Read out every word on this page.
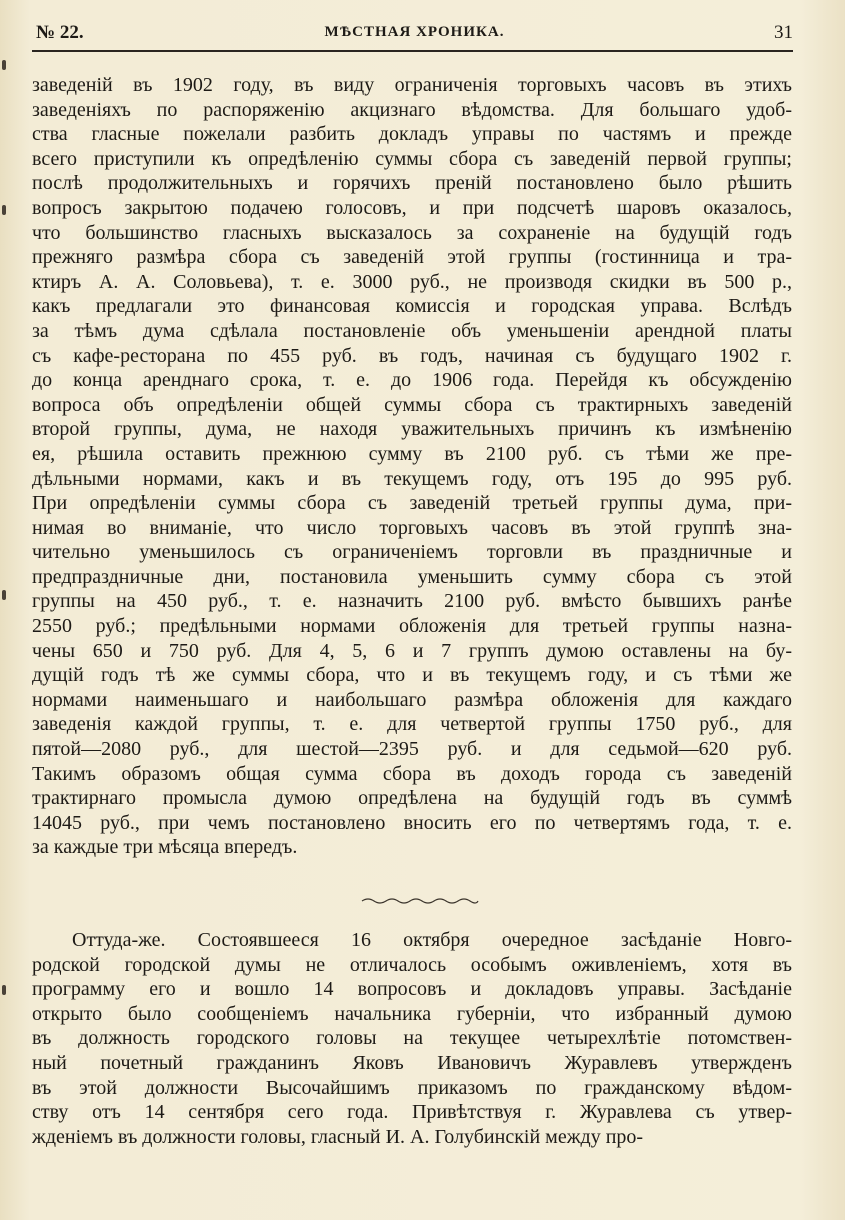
№ 22.	МѢСТНАЯ ХРОНИКА.	31

заведеній въ 1902 году, въ виду ограниченія торговыхъ часовъ въ этихъ

заведеніяхъ по распоряженію акцизнаго вѣдомства. Для большаго удоб-

ства гласные пожелали разбить докладъ управы по частямъ и прежде

всего приступили къ опредѣленію суммы сбора съ заведеній первой группы;

послѣ продолжительныхъ и горячихъ преній постановлено было рѣшить

вопросъ закрытою подачею голосовъ, и при подсчетѣ шаровъ оказалось,

что большинство гласныхъ высказалось за сохраненіе на будущій годъ

прежняго размѣра сбора съ заведеній этой группы (гостинница и тра-

ктиръ А. А. Соловьева), т. е. 3000 руб., не производя скидки въ 500 р.,

какъ предлагали это финансовая комиссія и городская управа. Вслѣдъ

за тѣмъ дума сдѣлала постановленіе объ уменьшеніи арендной платы

съ кафе-ресторана по 455 руб. въ годъ, начиная съ будущаго 1902 г.

до конца аренднаго срока, т. е. до 1906 года. Перейдя къ обсужденію

вопроса объ опредѣленіи общей суммы сбора съ трактирныхъ заведеній

второй группы, дума, не находя уважительныхъ причинъ къ измѣненію

ея, рѣшила оставить прежнюю сумму въ 2100 руб. съ тѣми же пре-

дѣльными нормами, какъ и въ текущемъ году, отъ 195 до 995 руб.

При опредѣленіи суммы сбора съ заведеній третьей группы дума, при-

нимая во вниманіе, что число торговыхъ часовъ въ этой группѣ зна-

чительно уменьшилось съ ограниченіемъ торговли въ праздничные и

предпраздничные дни, постановила уменьшить сумму сбора съ этой

группы на 450 руб., т. е. назначить 2100 руб. вмѣсто бывшихъ ранѣе

2550 руб.; предѣльными нормами обложенія для третьей группы назна-

чены 650 и 750 руб. Для 4, 5, 6 и 7 группъ думою оставлены на бу-

дущій годъ тѣ же суммы сбора, что и въ текущемъ году, и съ тѣми же

нормами наименьшаго и наибольшаго размѣра обложенія для каждаго

заведенія каждой группы, т. е. для четвертой группы 1750 руб., для

пятой—2080 руб., для шестой—2395 руб. и для седьмой—620 руб.

Такимъ образомъ общая сумма сбора въ доходъ города съ заведеній

трактирнаго промысла думою опредѣлена на будущій годъ въ суммѣ

14045 руб., при чемъ постановлено вносить его по четвертямъ года, т. е.

за каждые три мѣсяца впередъ.

Оттуда-же. Состоявшееся 16 октября очередное засѣданіе Новго-

родской городской думы не отличалось особымъ оживленіемъ, хотя въ

программу его и вошло 14 вопросовъ и докладовъ управы. Засѣданіе

открыто было сообщеніемъ начальника губерніи, что избранный думою

въ должность городского головы на текущее четырехлѣтіе потомствен-

ный почетный гражданинъ Яковъ Ивановичъ Журавлевъ утвержденъ

въ этой должности Высочайшимъ приказомъ по гражданскому вѣдом-

ству отъ 14 сентября сего года. Привѣтствуя г. Журавлева съ утвер-

жденіемъ въ должности головы, гласный И. А. Голубинскій между про-
